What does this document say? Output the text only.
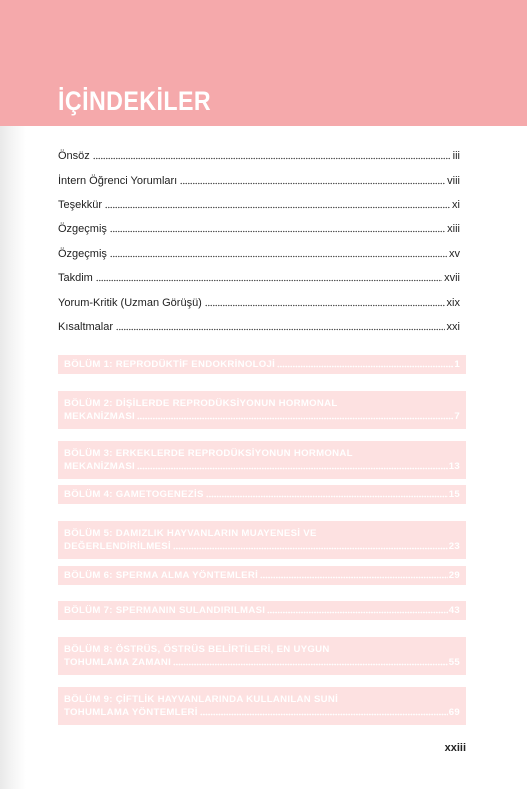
İÇİNDEKİLER
Önsöz	iii
İntern Öğrenci Yorumları	viii
Teşekkür	xi
Özgeçmiş	xiii
Özgeçmiş	xv
Takdim	xvii
Yorum-Kritik (Uzman Görüşü)	xix
Kısaltmalar	xxi
BÖLÜM 1: REPRODÜKTİF ENDOKRİNOLOJİ	1
BÖLÜM 2: DİŞİLERDE REPRODÜKSİYONUN HORMONAL
MEKANİZMASI	7
BÖLÜM 3: ERKEKLERDE REPRODÜKSİYONUN HORMONAL
MEKANİZMASI	13
BÖLÜM 4: GAMETOGENEZİS	15
BÖLÜM 5: DAMIZLIK HAYVANLARIN MUAYENESİ VE
DEĞERLENDİRİLMESİ	23
BÖLÜM 6: SPERMA ALMA YÖNTEMLERİ	29
BÖLÜM 7: SPERMANIN SULANDIRILMASI	43
BÖLÜM 8: ÖSTRÜS, ÖSTRÜS BELİRTİLERİ, EN UYGUN
TOHUMLAMA ZAMANI	55
BÖLÜM 9: ÇİFTLİK HAYVANLARINDA KULLANILAN SUNİ
TOHUMLAMA YÖNTEMLERİ	69
xxiii
